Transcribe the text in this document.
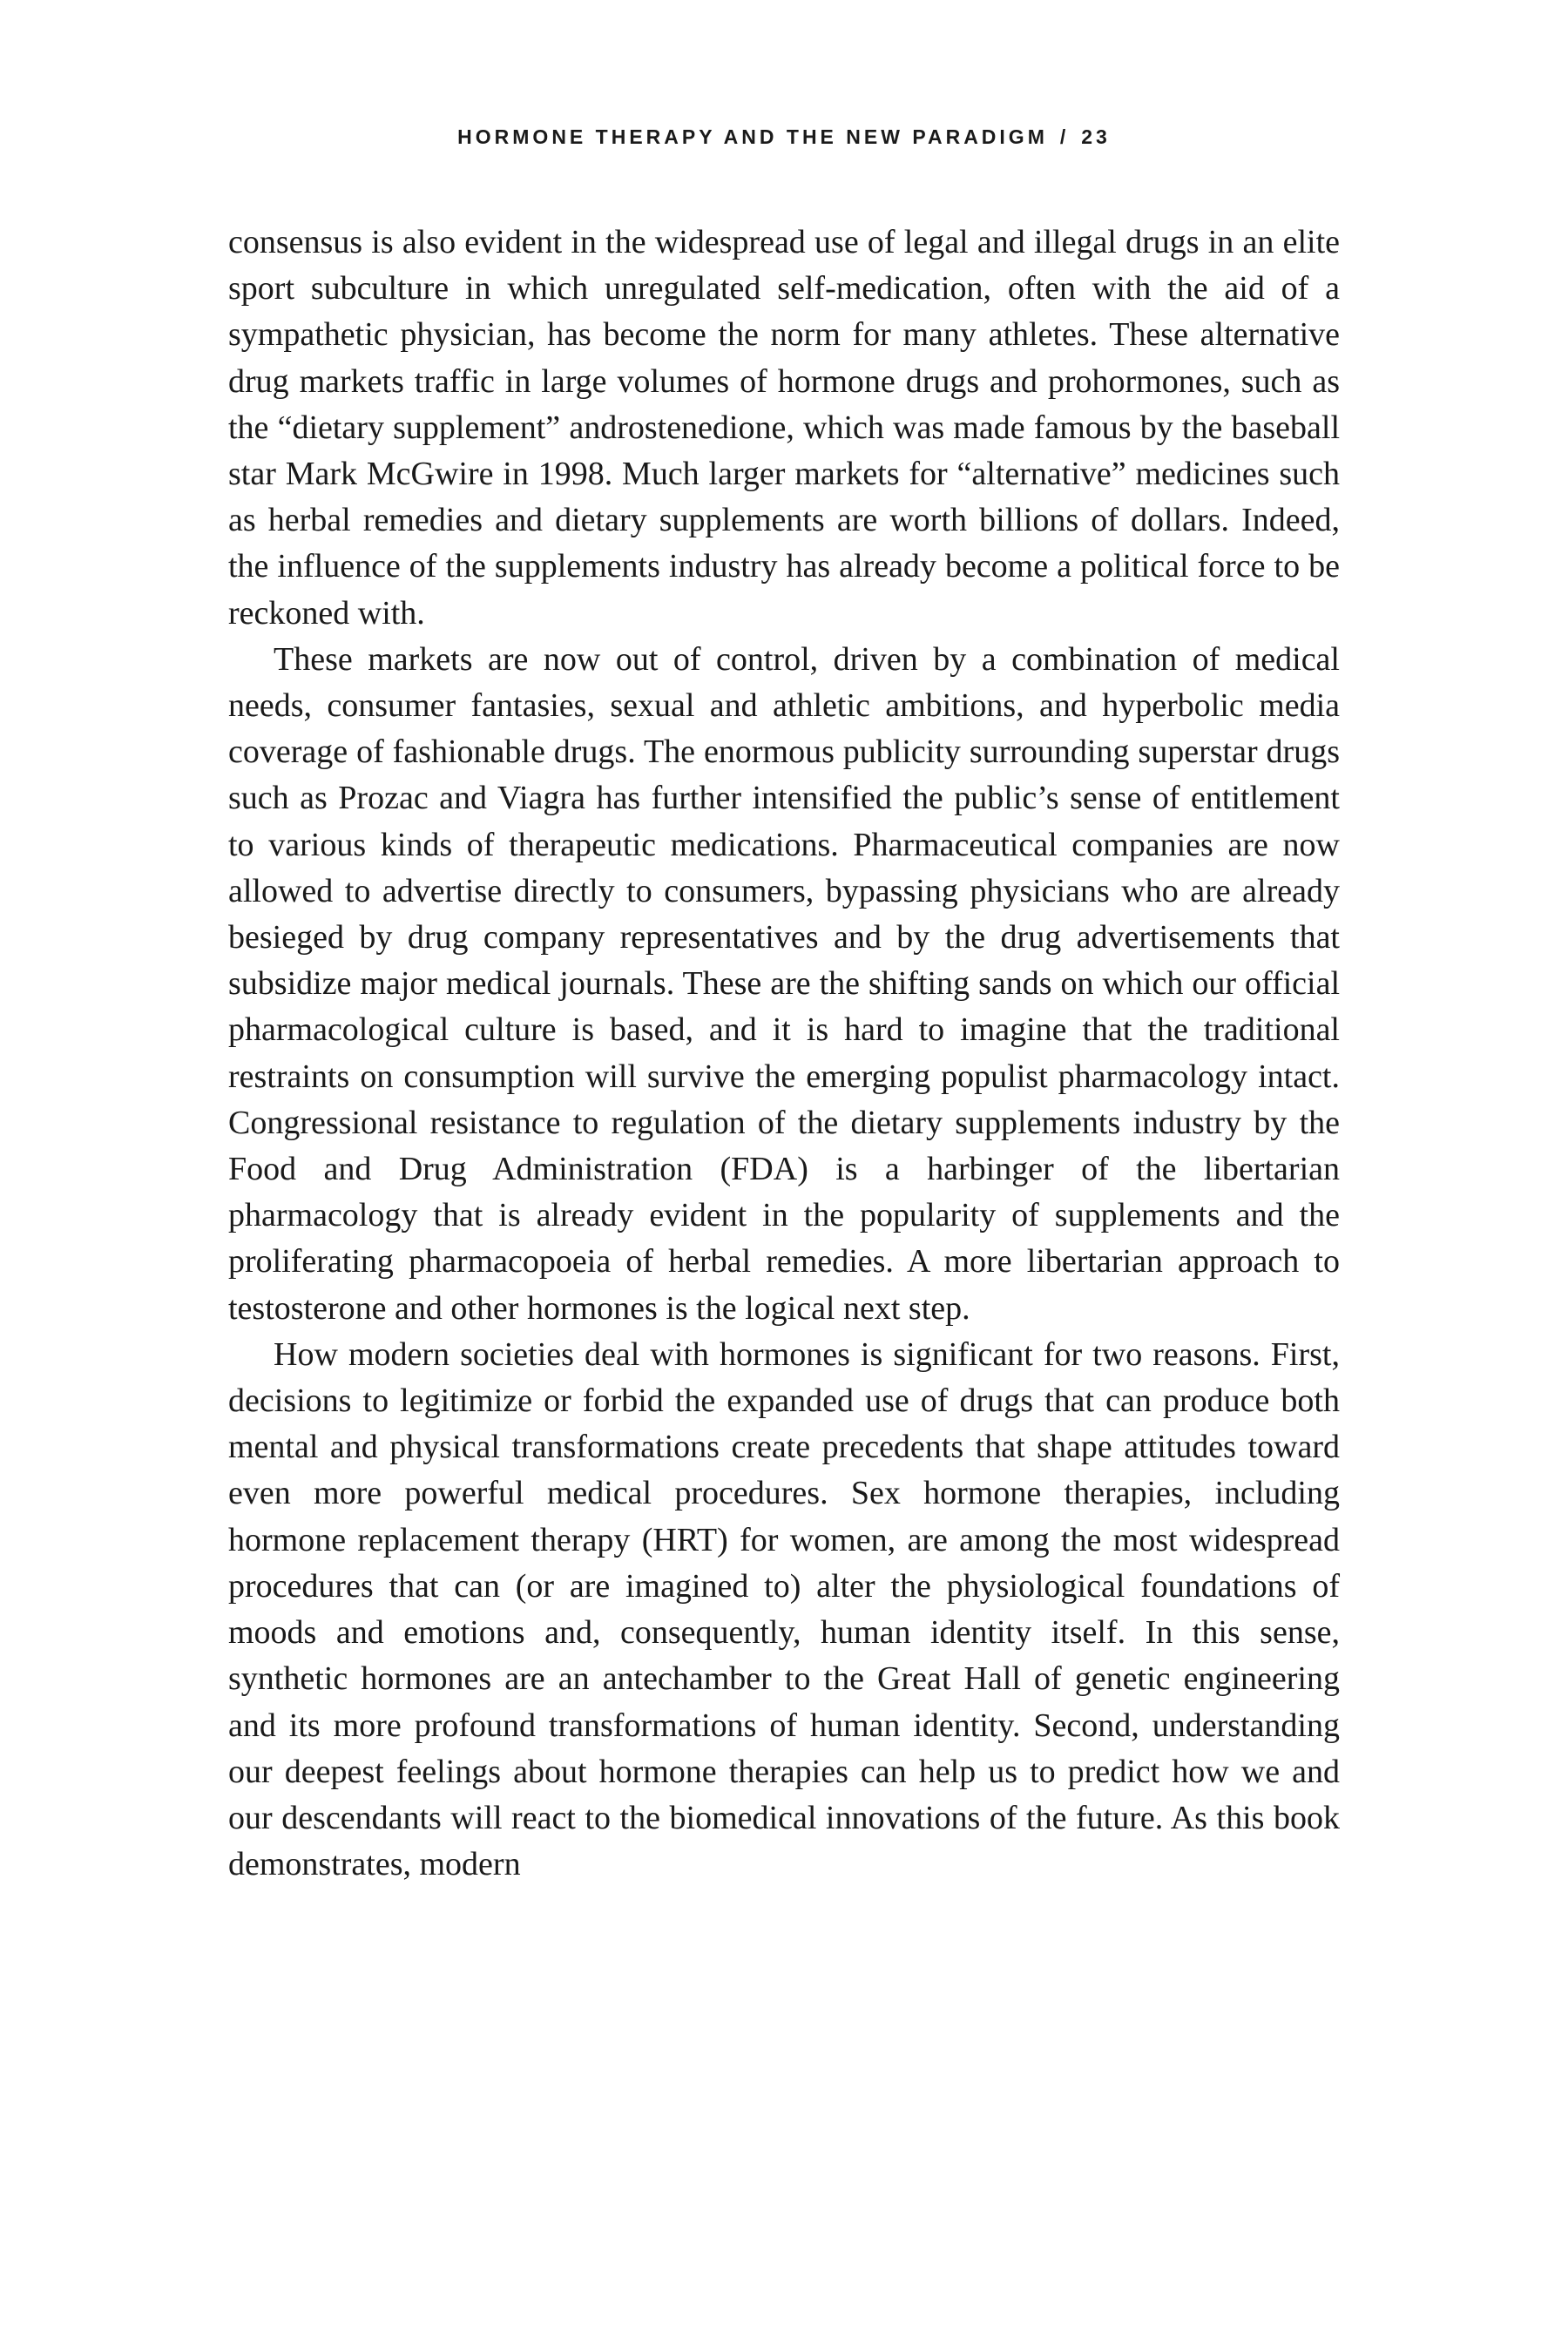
HORMONE THERAPY AND THE NEW PARADIGM / 23

consensus is also evident in the widespread use of legal and illegal drugs in an elite sport subculture in which unregulated self-medication, often with the aid of a sympathetic physician, has become the norm for many athletes. These alternative drug markets traffic in large volumes of hormone drugs and prohormones, such as the “dietary supplement” androstenedione, which was made famous by the baseball star Mark McGwire in 1998. Much larger markets for “alternative” medicines such as herbal remedies and dietary supplements are worth billions of dollars. Indeed, the influence of the supplements industry has already become a political force to be reckoned with.

These markets are now out of control, driven by a combination of medical needs, consumer fantasies, sexual and athletic ambitions, and hyperbolic media coverage of fashionable drugs. The enormous publicity surrounding superstar drugs such as Prozac and Viagra has further intensified the public’s sense of entitlement to various kinds of therapeutic medications. Pharmaceutical companies are now allowed to advertise directly to consumers, bypassing physicians who are already besieged by drug company representatives and by the drug advertisements that subsidize major medical journals. These are the shifting sands on which our official pharmacological culture is based, and it is hard to imagine that the traditional restraints on consumption will survive the emerging populist pharmacology intact. Congressional resistance to regulation of the dietary supplements industry by the Food and Drug Administration (FDA) is a harbinger of the libertarian pharmacology that is already evident in the popularity of supplements and the proliferating pharmacopoeia of herbal remedies. A more libertarian approach to testosterone and other hormones is the logical next step.

How modern societies deal with hormones is significant for two reasons. First, decisions to legitimize or forbid the expanded use of drugs that can produce both mental and physical transformations create precedents that shape attitudes toward even more powerful medical procedures. Sex hormone therapies, including hormone replacement therapy (HRT) for women, are among the most widespread procedures that can (or are imagined to) alter the physiological foundations of moods and emotions and, consequently, human identity itself. In this sense, synthetic hormones are an antechamber to the Great Hall of genetic engineering and its more profound transformations of human identity. Second, understanding our deepest feelings about hormone therapies can help us to predict how we and our descendants will react to the biomedical innovations of the future. As this book demonstrates, modern
